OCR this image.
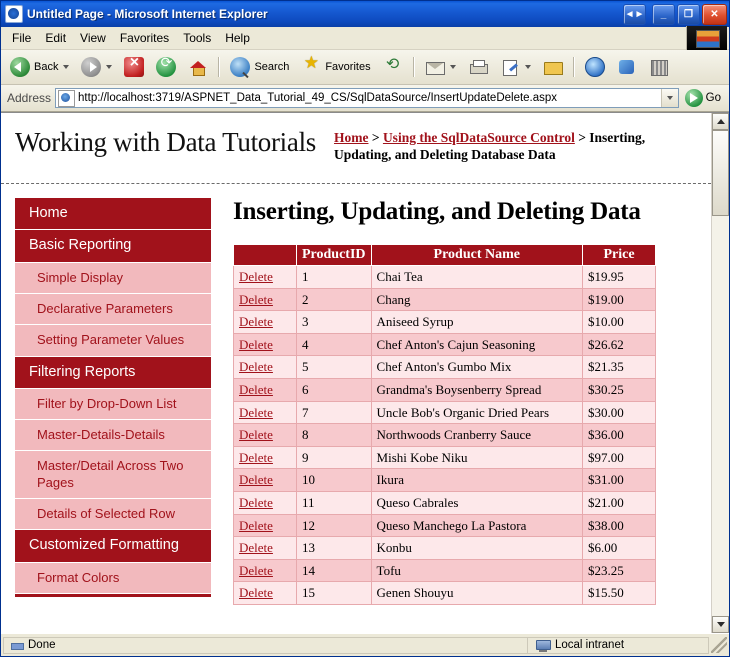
Untitled Page - Microsoft Internet Explorer	◄►	_	❐	✕
File	Edit	View	Favorites	Tools	Help
Back × ⟳	Search ★	Favorites
⟲
Address http://localhost:3719/ASPNET_Data_Tutorial_49_CS/SqlDataSource/InsertUpdateDelete.aspx	Go
Working with Data Tutorials Home > Using the SqlDataSource Control > Inserting, Updating, and Deleting Database Data
Home
Basic Reporting
Simple Display
Declarative Parameters
Setting Parameter Values
Filtering Reports
Filter by Drop-Down List
Master-Details-Details
Master/Detail Across Two Pages
Details of Selected Row
Customized Formatting
Format Colors
Inserting, Updating, and Deleting Data
	ProductID	Product Name	Price
Delete	1	Chai Tea	$19.95
Delete	2	Chang	$19.00
Delete	3	Aniseed Syrup	$10.00
Delete	4	Chef Anton's Cajun Seasoning	$26.62
Delete	5	Chef Anton's Gumbo Mix	$21.35
Delete	6	Grandma's Boysenberry Spread	$30.25
Delete	7	Uncle Bob's Organic Dried Pears	$30.00
Delete	8	Northwoods Cranberry Sauce	$36.00
Delete	9	Mishi Kobe Niku	$97.00
Delete	10	Ikura	$31.00
Delete	11	Queso Cabrales	$21.00
Delete	12	Queso Manchego La Pastora	$38.00
Delete	13	Konbu	$6.00
Delete	14	Tofu	$23.25
Delete	15	Genen Shouyu	$15.50
Done	Local intranet
